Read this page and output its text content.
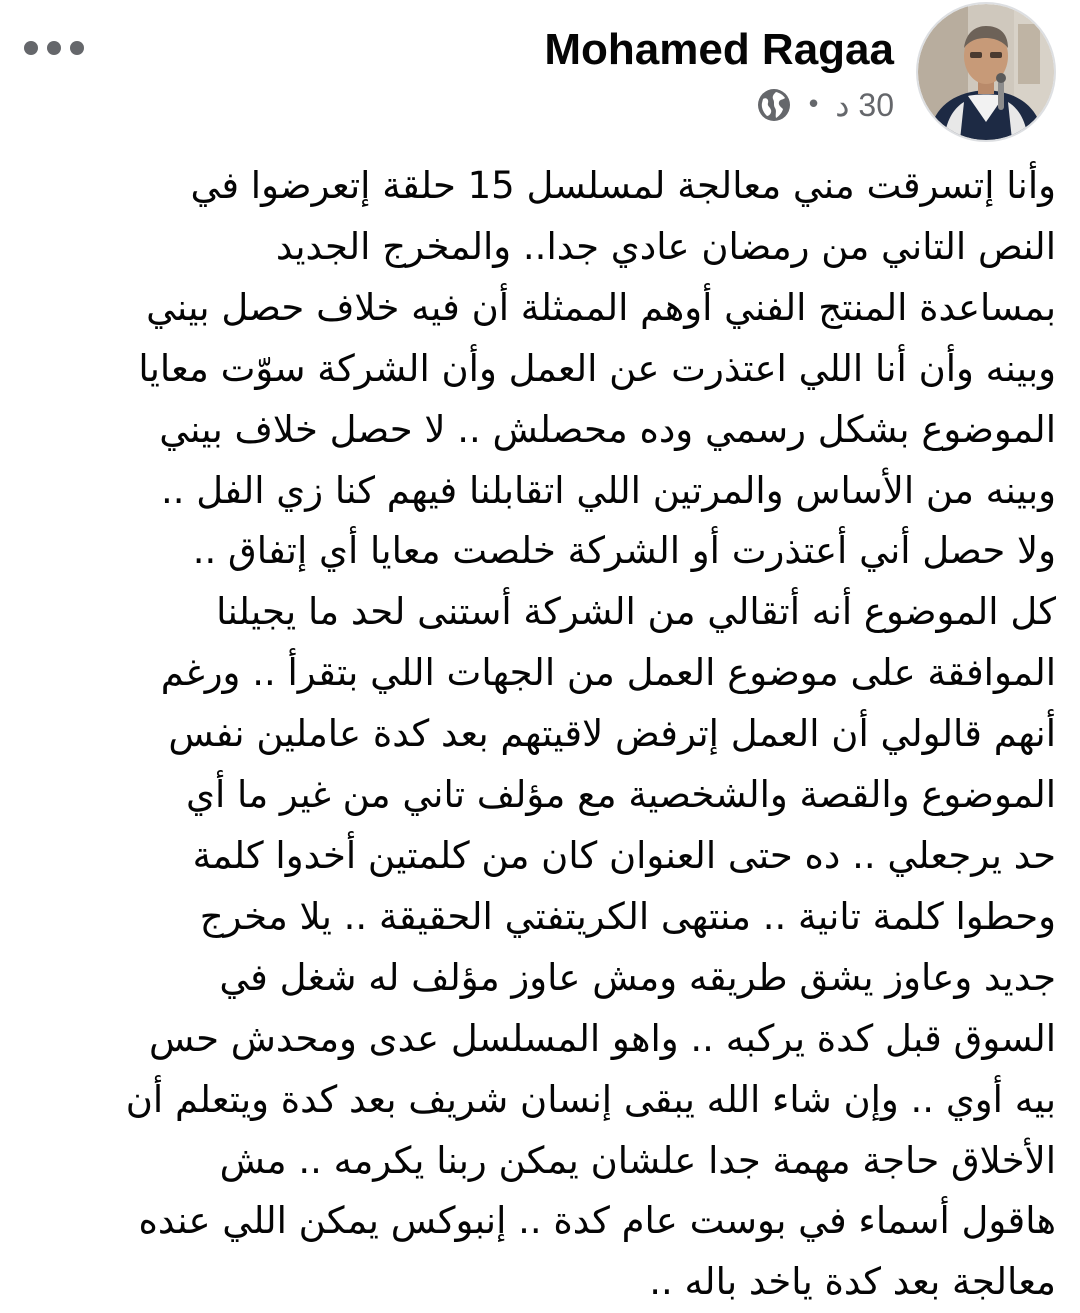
Mohamed Ragaa
• 30 د
وأنا إتسرقت مني معالجة لمسلسل 15 حلقة إتعرضوا في
النص التاني من رمضان عادي جدا.. والمخرج الجديد
بمساعدة المنتج الفني أوهم الممثلة أن فيه خلاف حصل بيني
وبينه وأن أنا اللي اعتذرت عن العمل وأن الشركة سوّت معايا
الموضوع بشكل رسمي وده محصلش .. لا حصل خلاف بيني
وبينه من الأساس والمرتين اللي اتقابلنا فيهم كنا زي الفل ..
ولا حصل أني أعتذرت أو الشركة خلصت معايا أي إتفاق ..
كل الموضوع أنه أتقالي من الشركة أستنى لحد ما يجيلنا
الموافقة على موضوع العمل من الجهات اللي بتقرأ .. ورغم
أنهم قالولي أن العمل إترفض لاقيتهم بعد كدة عاملين نفس
الموضوع والقصة والشخصية مع مؤلف تاني من غير ما أي
حد يرجعلي .. ده حتى العنوان كان من كلمتين أخدوا كلمة
وحطوا كلمة تانية .. منتهى الكريتفتي الحقيقة .. يلا مخرج
جديد وعاوز يشق طريقه ومش عاوز مؤلف له شغل في
السوق قبل كدة يركبه .. واهو المسلسل عدى ومحدش حس
بيه أوي .. وإن شاء الله يبقى إنسان شريف بعد كدة ويتعلم أن
الأخلاق حاجة مهمة جدا علشان يمكن ربنا يكرمه .. مش
هاقول أسماء في بوست عام كدة .. إنبوكس يمكن اللي عنده
معالجة بعد كدة ياخد باله ..
